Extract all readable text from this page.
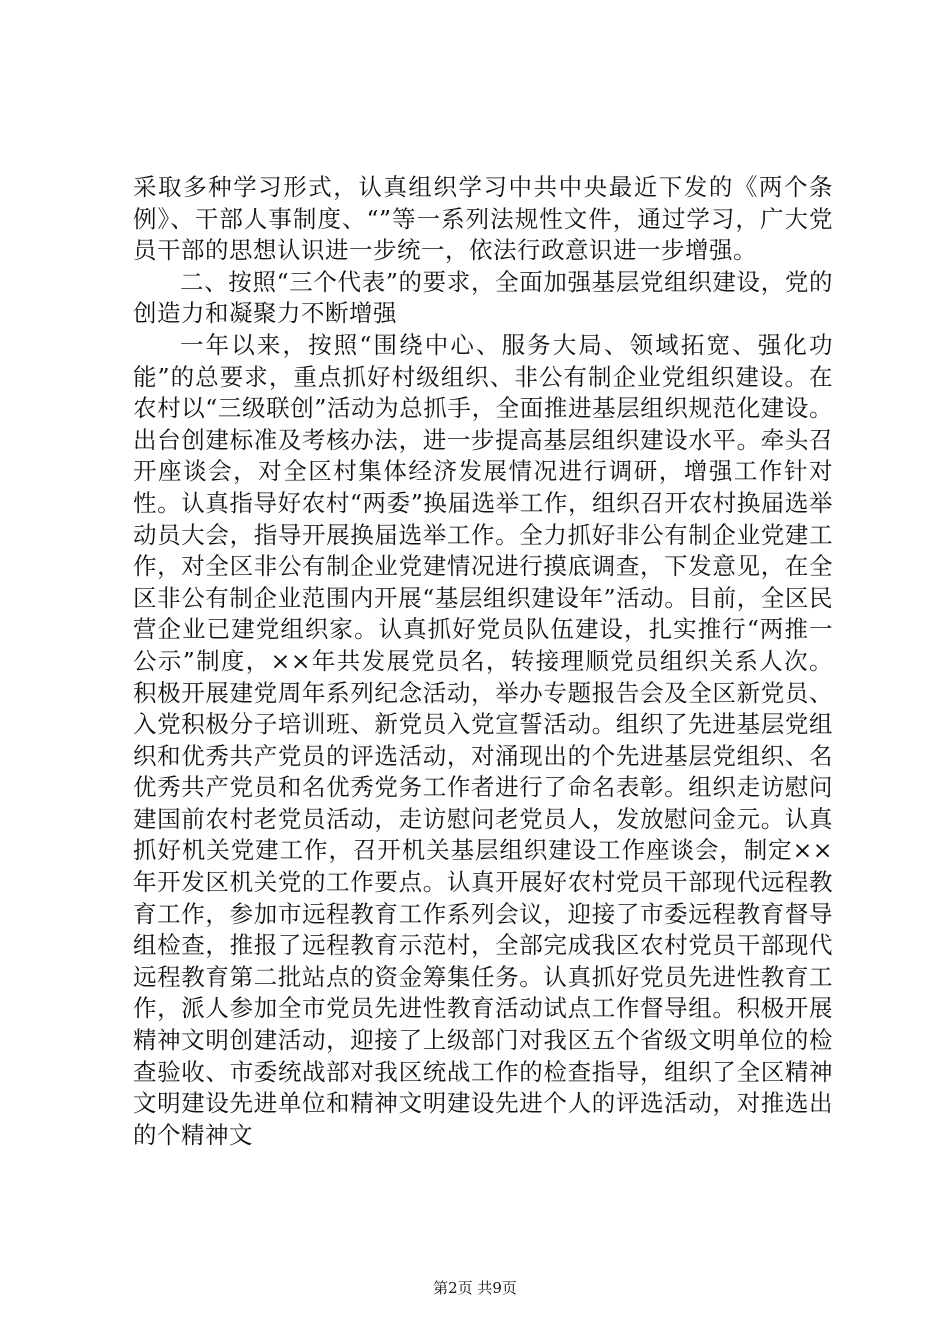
采取多种学习形式，认真组织学习中共中央最近下发的《两个条例》、干部人事制度、“”等一系列法规性文件，通过学习，广大党员干部的思想认识进一步统一，依法行政意识进一步增强。

二、按照“三个代表”的要求，全面加强基层党组织建设，党的创造力和凝聚力不断增强

一年以来，按照“围绕中心、服务大局、领域拓宽、强化功能”的总要求，重点抓好村级组织、非公有制企业党组织建设。在农村以“三级联创”活动为总抓手，全面推进基层组织规范化建设。出台创建标准及考核办法，进一步提高基层组织建设水平。牵头召开座谈会，对全区村集体经济发展情况进行调研，增强工作针对性。认真指导好农村“两委”换届选举工作，组织召开农村换届选举动员大会，指导开展换届选举工作。全力抓好非公有制企业党建工作，对全区非公有制企业党建情况进行摸底调查，下发意见，在全区非公有制企业范围内开展“基层组织建设年”活动。目前，全区民营企业已建党组织家。认真抓好党员队伍建设，扎实推行“两推一公示”制度，××年共发展党员名，转接理顺党员组织关系人次。积极开展建党周年系列纪念活动，举办专题报告会及全区新党员、入党积极分子培训班、新党员入党宣誓活动。组织了先进基层党组织和优秀共产党员的评选活动，对涌现出的个先进基层党组织、名优秀共产党员和名优秀党务工作者进行了命名表彰。组织走访慰问建国前农村老党员活动，走访慰问老党员人，发放慰问金元。认真抓好机关党建工作，召开机关基层组织建设工作座谈会，制定××年开发区机关党的工作要点。认真开展好农村党员干部现代远程教育工作，参加市远程教育工作系列会议，迎接了市委远程教育督导组检查，推报了远程教育示范村，全部完成我区农村党员干部现代远程教育第二批站点的资金筹集任务。认真抓好党员先进性教育工作，派人参加全市党员先进性教育活动试点工作督导组。积极开展精神文明创建活动，迎接了上级部门对我区五个省级文明单位的检查验收、市委统战部对我区统战工作的检查指导，组织了全区精神文明建设先进单位和精神文明建设先进个人的评选活动，对推选出的个精神文

第2页 共9页
